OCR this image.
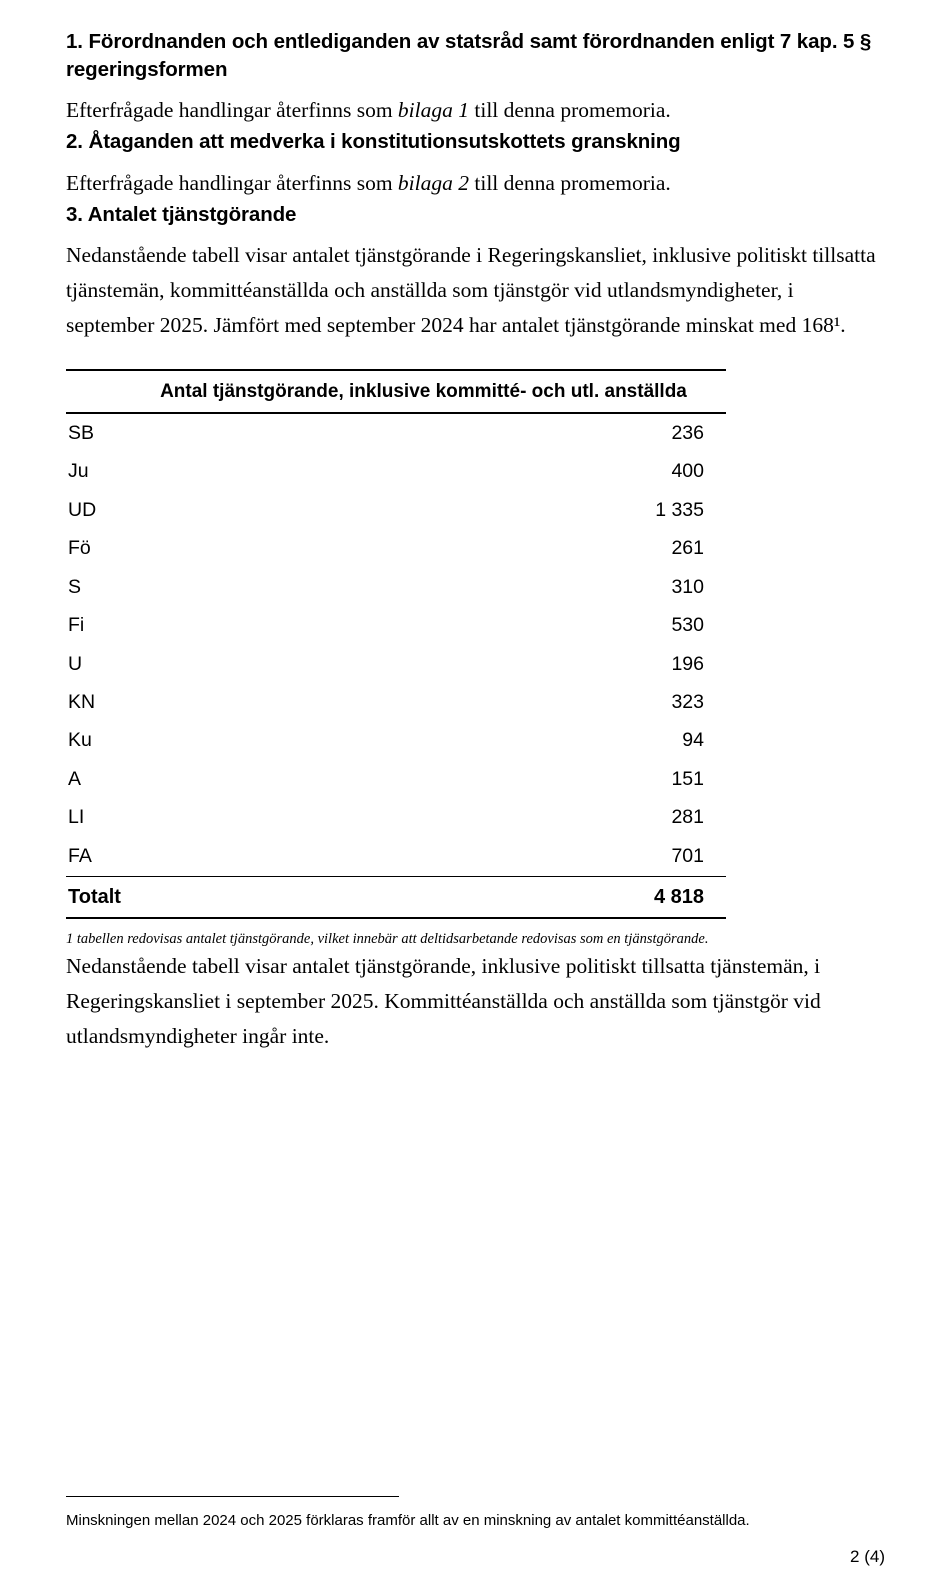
1. Förordnanden och entlediganden av statsråd samt förordnanden enligt 7 kap. 5 § regeringsformen

Efterfrågade handlingar återfinns som bilaga 1 till denna promemoria.

2. Åtaganden att medverka i konstitutionsutskottets granskning

Efterfrågade handlingar återfinns som bilaga 2 till denna promemoria.

3. Antalet tjänstgörande

Nedanstående tabell visar antalet tjänstgörande i Regeringskansliet, inklusive politiskt tillsatta tjänstemän, kommittéanställda och anställda som tjänstgör vid utlandsmyndigheter, i september 2025. Jämfört med september 2024 har antalet tjänstgörande minskat med 168¹.

	Antal tjänstgörande, inklusive kommitté- och utl. anställda
SB	236
Ju	400
UD	1 335
Fö	261
S	310
Fi	530
U	196
KN	323
Ku	94
A	151
LI	281
FA	701
Totalt	4 818

1 tabellen redovisas antalet tjänstgörande, vilket innebär att deltidsarbetande redovisas som en tjänstgörande.

Nedanstående tabell visar antalet tjänstgörande, inklusive politiskt tillsatta tjänstemän, i Regeringskansliet i september 2025. Kommittéanställda och anställda som tjänstgör vid utlandsmyndigheter ingår inte.

Minskningen mellan 2024 och 2025 förklaras framför allt av en minskning av antalet kommittéanställda.

2 (4)
